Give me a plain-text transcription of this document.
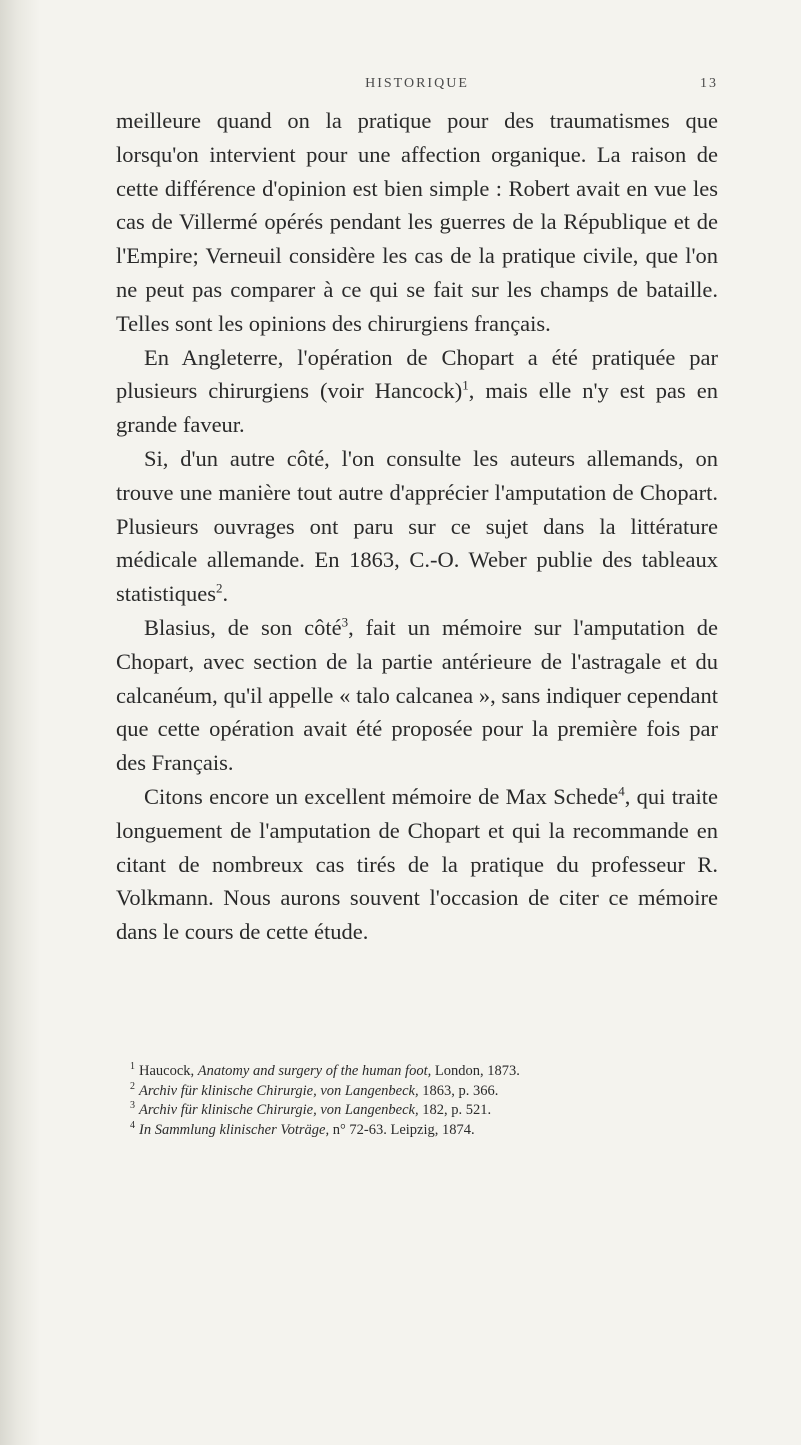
HISTORIQUE	13

meilleure quand on la pratique pour des traumatismes que lorsqu'on intervient pour une affection organique. La raison de cette différence d'opinion est bien simple : Robert avait en vue les cas de Villermé opérés pendant les guerres de la République et de l'Empire; Verneuil considère les cas de la pratique civile, que l'on ne peut pas comparer à ce qui se fait sur les champs de bataille. Telles sont les opinions des chirurgiens français.

En Angleterre, l'opération de Chopart a été pratiquée par plusieurs chirurgiens (voir Hancock)$^1$, mais elle n'y est pas en grande faveur.

Si, d'un autre côté, l'on consulte les auteurs allemands, on trouve une manière tout autre d'apprécier l'amputation de Chopart. Plusieurs ouvrages ont paru sur ce sujet dans la littérature médicale allemande. En 1863, C.-O. Weber publie des tableaux statistiques$^2$.

Blasius, de son côté$^3$, fait un mémoire sur l'amputation de Chopart, avec section de la partie antérieure de l'astragale et du calcanéum, qu'il appelle « talo calcanea », sans indiquer cependant que cette opération avait été proposée pour la première fois par des Français.

Citons encore un excellent mémoire de Max Schede$^4$, qui traite longuement de l'amputation de Chopart et qui la recommande en citant de nombreux cas tirés de la pratique du professeur R. Volkmann. Nous aurons souvent l'occasion de citer ce mémoire dans le cours de cette étude.

$^1$ Haucock, Anatomy and surgery of the human foot, London, 1873.
$^2$ Archiv für klinische Chirurgie, von Langenbeck, 1863, p. 366.
$^3$ Archiv für klinische Chirurgie, von Langenbeck, 182, p. 521.
$^4$ In Sammlung klinischer Voträge, n° 72-63. Leipzig, 1874.
